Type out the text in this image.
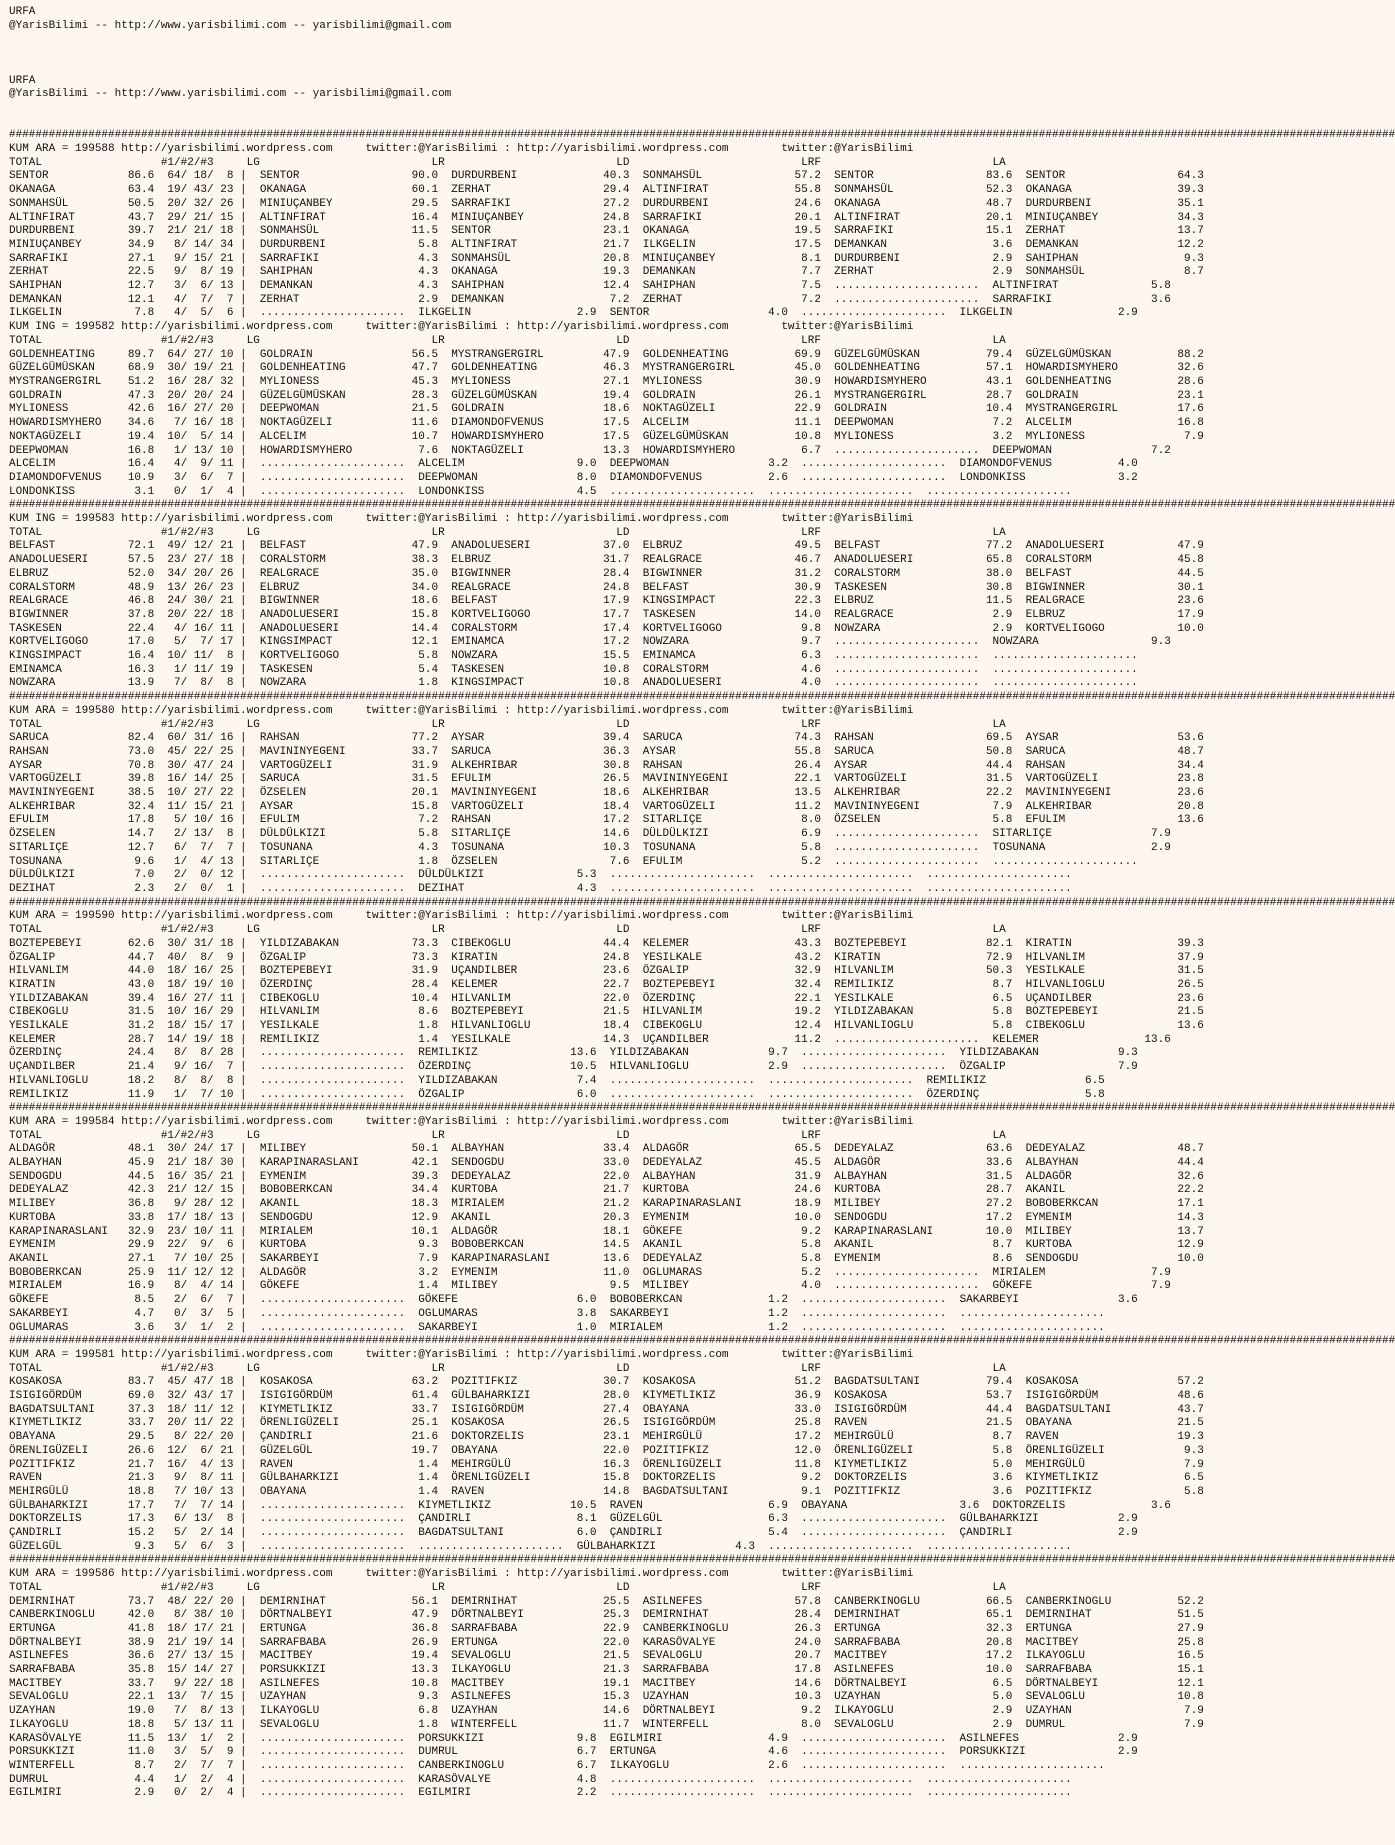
URFA
@YarisBilimi -- http://www.yarisbilimi.com -- yarisbilimi@gmail.com

URFA
@YarisBilimi -- http://www.yarisbilimi.com -- yarisbilimi@gmail.com

##################################################################################################################################################################################################################
KUM ARA = 199588 http://yarisbilimi.wordpress.com     twitter:@YarisBilimi : http://yarisbilimi.wordpress.com        twitter:@YarisBilimi
TOTAL                  #1/#2/#3     LG                          LR                          LD                          LRF                          LA
SENTOR            86.6  64/ 18/  8 |  SENTOR                 90.0  DURDURBENI             40.3  SONMAHSÜL              57.2  SENTOR                 83.6  SENTOR                 64.3
OKANAGA           63.4  19/ 43/ 23 |  OKANAGA                60.1  ZERHAT                 29.4  ALTINFIRAT             55.8  SONMAHSÜL              52.3  OKANAGA                39.3
SONMAHSÜL         50.5  20/ 32/ 26 |  MINIUÇANBEY            29.5  SARRAFIKI              27.2  DURDURBENI             24.6  OKANAGA                48.7  DURDURBENI             35.1
ALTINFIRAT        43.7  29/ 21/ 15 |  ALTINFIRAT             16.4  MINIUÇANBEY            24.8  SARRAFIKI              20.1  ALTINFIRAT             20.1  MINIUÇANBEY            34.3
DURDURBENI        39.7  21/ 21/ 18 |  SONMAHSÜL              11.5  SENTOR                 23.1  OKANAGA                19.5  SARRAFIKI              15.1  ZERHAT                 13.7
MINIUÇANBEY       34.9   8/ 14/ 34 |  DURDURBENI              5.8  ALTINFIRAT             21.7  ILKGELIN               17.5  DEMANKAN                3.6  DEMANKAN               12.2
SARRAFIKI         27.1   9/ 15/ 21 |  SARRAFIKI               4.3  SONMAHSÜL              20.8  MINIUÇANBEY             8.1  DURDURBENI              2.9  SAHIPHAN                9.3
ZERHAT            22.5   9/  8/ 19 |  SAHIPHAN                4.3  OKANAGA                19.3  DEMANKAN                7.7  ZERHAT                  2.9  SONMAHSÜL               8.7
SAHIPHAN          12.7   3/  6/ 13 |  DEMANKAN                4.3  SAHIPHAN               12.4  SAHIPHAN                7.5  ......................  ALTINFIRAT              5.8
DEMANKAN          12.1   4/  7/  7 |  ZERHAT                  2.9  DEMANKAN                7.2  ZERHAT                  7.2  ......................  SARRAFIKI               3.6
ILKGELIN           7.8   4/  5/  6 |  ......................  ILKGELIN                2.9  SENTOR                  4.0  ......................  ILKGELIN                2.9
KUM ING = 199582 http://yarisbilimi.wordpress.com     twitter:@YarisBilimi : http://yarisbilimi.wordpress.com        twitter:@YarisBilimi
TOTAL                  #1/#2/#3     LG                          LR                          LD                          LRF                          LA
GOLDENHEATING     89.7  64/ 27/ 10 |  GOLDRAIN               56.5  MYSTRANGERGIRL         47.9  GOLDENHEATING          69.9  GÜZELGÜMÜSKAN          79.4  GÜZELGÜMÜSKAN          88.2
GÜZELGÜMÜSKAN     68.9  30/ 19/ 21 |  GOLDENHEATING          47.7  GOLDENHEATING          46.3  MYSTRANGERGIRL         45.0  GOLDENHEATING          57.1  HOWARDISMYHERO         32.6
MYSTRANGERGIRL    51.2  16/ 28/ 32 |  MYLIONESS              45.3  MYLIONESS              27.1  MYLIONESS              30.9  HOWARDISMYHERO         43.1  GOLDENHEATING          28.6
GOLDRAIN          47.3  20/ 20/ 24 |  GÜZELGÜMÜSKAN          28.3  GÜZELGÜMÜSKAN          19.4  GOLDRAIN               26.1  MYSTRANGERGIRL         28.7  GOLDRAIN               23.1
MYLIONESS         42.6  16/ 27/ 20 |  DEEPWOMAN              21.5  GOLDRAIN               18.6  NOKTAGÜZELI            22.9  GOLDRAIN               10.4  MYSTRANGERGIRL         17.6
HOWARDISMYHERO    34.6   7/ 16/ 18 |  NOKTAGÜZELI            11.6  DIAMONDOFVENUS         17.5  ALCELIM                11.1  DEEPWOMAN               7.2  ALCELIM                16.8
NOKTAGÜZELI       19.4  10/  5/ 14 |  ALCELIM                10.7  HOWARDISMYHERO         17.5  GÜZELGÜMÜSKAN          10.8  MYLIONESS               3.2  MYLIONESS               7.9
DEEPWOMAN         16.8   1/ 13/ 10 |  HOWARDISMYHERO          7.6  NOKTAGÜZELI            13.3  HOWARDISMYHERO          6.7  ......................  DEEPWOMAN               7.2
ALCELIM           16.4   4/  9/ 11 |  ......................  ALCELIM                 9.0  DEEPWOMAN               3.2  ......................  DIAMONDOFVENUS          4.0
DIAMONDOFVENUS    10.9   3/  6/  7 |  ......................  DEEPWOMAN               8.0  DIAMONDOFVENUS          2.6  ......................  LONDONKISS              3.2
LONDONKISS         3.1   0/  1/  4 |  ......................  LONDONKISS              4.5  ......................  ......................  ......................
##################################################################################################################################################################################################################
KUM ING = 199583 http://yarisbilimi.wordpress.com     twitter:@YarisBilimi : http://yarisbilimi.wordpress.com        twitter:@YarisBilimi
TOTAL                  #1/#2/#3     LG                          LR                          LD                          LRF                          LA
BELFAST           72.1  49/ 12/ 21 |  BELFAST                47.9  ANADOLUESERI           37.0  ELBRUZ                 49.5  BELFAST                77.2  ANADOLUESERI           47.9
ANADOLUESERI      57.5  23/ 27/ 18 |  CORALSTORM             38.3  ELBRUZ                 31.7  REALGRACE              46.7  ANADOLUESERI           65.8  CORALSTORM             45.8
ELBRUZ            52.0  34/ 20/ 26 |  REALGRACE              35.0  BIGWINNER              28.4  BIGWINNER              31.2  CORALSTORM             38.0  BELFAST                44.5
CORALSTORM        48.9  13/ 26/ 23 |  ELBRUZ                 34.0  REALGRACE              24.8  BELFAST                30.9  TASKESEN               30.8  BIGWINNER              30.1
REALGRACE         46.8  24/ 30/ 21 |  BIGWINNER              18.6  BELFAST                17.9  KINGSIMPACT            22.3  ELBRUZ                 11.5  REALGRACE              23.6
BIGWINNER         37.8  20/ 22/ 18 |  ANADOLUESERI           15.8  KORTVELIGOGO           17.7  TASKESEN               14.0  REALGRACE               2.9  ELBRUZ                 17.9
TASKESEN          22.4   4/ 16/ 11 |  ANADOLUESERI           14.4  CORALSTORM             17.4  KORTVELIGOGO            9.8  NOWZARA                 2.9  KORTVELIGOGO           10.0
KORTVELIGOGO      17.0   5/  7/ 17 |  KINGSIMPACT            12.1  EMINAMCA               17.2  NOWZARA                 9.7  ......................  NOWZARA                 9.3
KINGSIMPACT       16.4  10/ 11/  8 |  KORTVELIGOGO            5.8  NOWZARA                15.5  EMINAMCA                6.3  ......................  ......................
EMINAMCA          16.3   1/ 11/ 19 |  TASKESEN                5.4  TASKESEN               10.8  CORALSTORM              4.6  ......................  ......................
NOWZARA           13.9   7/  8/  8 |  NOWZARA                 1.8  KINGSIMPACT            10.8  ANADOLUESERI            4.0  ......................  ......................
##################################################################################################################################################################################################################
KUM ARA = 199580 http://yarisbilimi.wordpress.com     twitter:@YarisBilimi : http://yarisbilimi.wordpress.com        twitter:@YarisBilimi
TOTAL                  #1/#2/#3     LG                          LR                          LD                          LRF                          LA
SARUCA            82.4  60/ 31/ 16 |  RAHSAN                 77.2  AYSAR                  39.4  SARUCA                 74.3  RAHSAN                 69.5  AYSAR                  53.6
RAHSAN            73.0  45/ 22/ 25 |  MAVININYEGENI          33.7  SARUCA                 36.3  AYSAR                  55.8  SARUCA                 50.8  SARUCA                 48.7
AYSAR             70.8  30/ 47/ 24 |  VARTOGÜZELI            31.9  ALKEHRIBAR             30.8  RAHSAN                 26.4  AYSAR                  44.4  RAHSAN                 34.4
VARTOGÜZELI       39.8  16/ 14/ 25 |  SARUCA                 31.5  EFULIM                 26.5  MAVININYEGENI          22.1  VARTOGÜZELI            31.5  VARTOGÜZELI            23.8
MAVININYEGENI     38.5  10/ 27/ 22 |  ÖZSELEN                20.1  MAVININYEGENI          18.6  ALKEHRIBAR             13.5  ALKEHRIBAR             22.2  MAVININYEGENI          23.6
ALKEHRIBAR        32.4  11/ 15/ 21 |  AYSAR                  15.8  VARTOGÜZELI            18.4  VARTOGÜZELI            11.2  MAVININYEGENI           7.9  ALKEHRIBAR             20.8
EFULIM            17.8   5/ 10/ 16 |  EFULIM                  7.2  RAHSAN                 17.2  SITARLIÇE               8.0  ÖZSELEN                 5.8  EFULIM                 13.6
ÖZSELEN           14.7   2/ 13/  8 |  DÜLDÜLKIZI              5.8  SITARLIÇE              14.6  DÜLDÜLKIZI              6.9  ......................  SITARLIÇE               7.9
SITARLIÇE         12.7   6/  7/  7 |  TOSUNANA                4.3  TOSUNANA               10.3  TOSUNANA                5.8  ......................  TOSUNANA                2.9
TOSUNANA           9.6   1/  4/ 13 |  SITARLIÇE               1.8  ÖZSELEN                 7.6  EFULIM                  5.2  ......................  ......................
DÜLDÜLKIZI         7.0   2/  0/ 12 |  ......................  DÜLDÜLKIZI              5.3  ......................  ......................  ......................
DEZIHAT            2.3   2/  0/  1 |  ......................  DEZIHAT                 4.3  ......................  ......................  ......................
##################################################################################################################################################################################################################
KUM ARA = 199590 http://yarisbilimi.wordpress.com     twitter:@YarisBilimi : http://yarisbilimi.wordpress.com        twitter:@YarisBilimi
TOTAL                  #1/#2/#3     LG                          LR                          LD                          LRF                          LA
BOZTEPEBEYI       62.6  30/ 31/ 18 |  YILDIZABAKAN           73.3  CIBEKOGLU              44.4  KELEMER                43.3  BOZTEPEBEYI            82.1  KIRATIN                39.3
ÖZGALIP           44.7  40/  8/  9 |  ÖZGALIP                73.3  KIRATIN                24.8  YESILKALE              43.2  KIRATIN                72.9  HILVANLIM              37.9
HILVANLIM         44.0  18/ 16/ 25 |  BOZTEPEBEYI            31.9  UÇANDILBER             23.6  ÖZGALIP                32.9  HILVANLIM              50.3  YESILKALE              31.5
KIRATIN           43.0  18/ 19/ 10 |  ÖZERDINÇ               28.4  KELEMER                22.7  BOZTEPEBEYI            32.4  REMILIKIZ               8.7  HILVANLIOGLU           26.5
YILDIZABAKAN      39.4  16/ 27/ 11 |  CIBEKOGLU              10.4  HILVANLIM              22.0  ÖZERDINÇ               22.1  YESILKALE               6.5  UÇANDILBER             23.6
CIBEKOGLU         31.5  10/ 16/ 29 |  HILVANLIM               8.6  BOZTEPEBEYI            21.5  HILVANLIM              19.2  YILDIZABAKAN            5.8  BOZTEPEBEYI            21.5
YESILKALE         31.2  18/ 15/ 17 |  YESILKALE               1.8  HILVANLIOGLU           18.4  CIBEKOGLU              12.4  HILVANLIOGLU            5.8  CIBEKOGLU              13.6
KELEMER           28.7  14/ 19/ 18 |  REMILIKIZ               1.4  YESILKALE              14.3  UÇANDILBER             11.2  ......................  KELEMER                13.6
ÖZERDINÇ          24.4   8/  8/ 28 |  ......................  REMILIKIZ              13.6  YILDIZABAKAN            9.7  ......................  YILDIZABAKAN            9.3
UÇANDILBER        21.4   9/ 16/  7 |  ......................  ÖZERDINÇ               10.5  HILVANLIOGLU            2.9  ......................  ÖZGALIP                 7.9
HILVANLIOGLU      18.2   8/  8/  8 |  ......................  YILDIZABAKAN            7.4  ......................  ......................  REMILIKIZ               6.5
REMILIKIZ         11.9   1/  7/ 10 |  ......................  ÖZGALIP                 6.0  ......................  ......................  ÖZERDINÇ                5.8
##################################################################################################################################################################################################################
KUM ARA = 199584 http://yarisbilimi.wordpress.com     twitter:@YarisBilimi : http://yarisbilimi.wordpress.com        twitter:@YarisBilimi
TOTAL                  #1/#2/#3     LG                          LR                          LD                          LRF                          LA
ALDAGÖR           48.1  30/ 24/ 17 |  MILIBEY                50.1  ALBAYHAN               33.4  ALDAGÖR                65.5  DEDEYALAZ              63.6  DEDEYALAZ              48.7
ALBAYHAN          45.9  21/ 18/ 30 |  KARAPINARASLANI        42.1  SENDOGDU               33.0  DEDEYALAZ              45.5  ALDAGÖR                33.6  ALBAYHAN               44.4
SENDOGDU          44.5  16/ 35/ 21 |  EYMENIM                39.3  DEDEYALAZ              22.0  ALBAYHAN               31.9  ALBAYHAN               31.5  ALDAGÖR                32.6
DEDEYALAZ         42.3  21/ 12/ 15 |  BOBOBERKCAN            34.4  KURTOBA                21.7  KURTOBA                24.6  KURTOBA                28.7  AKANIL                 22.2
MILIBEY           36.8   9/ 28/ 12 |  AKANIL                 18.3  MIRIALEM               21.2  KARAPINARASLANI        18.9  MILIBEY                27.2  BOBOBERKCAN            17.1
KURTOBA           33.8  17/ 18/ 13 |  SENDOGDU               12.9  AKANIL                 20.3  EYMENIM                10.0  SENDOGDU               17.2  EYMENIM                14.3
KARAPINARASLANI   32.9  23/ 10/ 11 |  MIRIALEM               10.1  ALDAGÖR                18.1  GÖKEFE                  9.2  KARAPINARASLANI        10.0  MILIBEY                13.7
EYMENIM           29.9  22/  9/  6 |  KURTOBA                 9.3  BOBOBERKCAN            14.5  AKANIL                  5.8  AKANIL                  8.7  KURTOBA                12.9
AKANIL            27.1   7/ 10/ 25 |  SAKARBEYI               7.9  KARAPINARASLANI        13.6  DEDEYALAZ               5.8  EYMENIM                 8.6  SENDOGDU               10.0
BOBOBERKCAN       25.9  11/ 12/ 12 |  ALDAGÖR                 3.2  EYMENIM                11.0  OGLUMARAS               5.2  ......................  MIRIALEM                7.9
MIRIALEM          16.9   8/  4/ 14 |  GÖKEFE                  1.4  MILIBEY                 9.5  MILIBEY                 4.0  ......................  GÖKEFE                  7.9
GÖKEFE             8.5   2/  6/  7 |  ......................  GÖKEFE                  6.0  BOBOBERKCAN             1.2  ......................  SAKARBEYI               3.6
SAKARBEYI          4.7   0/  3/  5 |  ......................  OGLUMARAS               3.8  SAKARBEYI               1.2  ......................  ......................
OGLUMARAS          3.6   3/  1/  2 |  ......................  SAKARBEYI               1.0  MIRIALEM                1.2  ......................  ......................
##################################################################################################################################################################################################################
KUM ARA = 199581 http://yarisbilimi.wordpress.com     twitter:@YarisBilimi : http://yarisbilimi.wordpress.com        twitter:@YarisBilimi
TOTAL                  #1/#2/#3     LG                          LR                          LD                          LRF                          LA
KOSAKOSA          83.7  45/ 47/ 18 |  KOSAKOSA               63.2  POZITIFKIZ             30.7  KOSAKOSA               51.2  BAGDATSULTANI          79.4  KOSAKOSA               57.2
ISIGIGÖRDÜM       69.0  32/ 43/ 17 |  ISIGIGÖRDÜM            61.4  GÜLBAHARKIZI           28.0  KIYMETLIKIZ            36.9  KOSAKOSA               53.7  ISIGIGÖRDÜM            48.6
BAGDATSULTANI     37.3  18/ 11/ 12 |  KIYMETLIKIZ            33.7  ISIGIGÖRDÜM            27.4  OBAYANA                33.0  ISIGIGÖRDÜM            44.4  BAGDATSULTANI          43.7
KIYMETLIKIZ       33.7  20/ 11/ 22 |  ÖRENLIGÜZELI           25.1  KOSAKOSA               26.5  ISIGIGÖRDÜM            25.8  RAVEN                  21.5  OBAYANA                21.5
OBAYANA           29.5   8/ 22/ 20 |  ÇANDIRLI               21.6  DOKTORZELIS            23.1  MEHIRGÜLÜ              17.2  MEHIRGÜLÜ               8.7  RAVEN                  19.3
ÖRENLIGÜZELI      26.6  12/  6/ 21 |  GÜZELGÜL               19.7  OBAYANA                22.0  POZITIFKIZ             12.0  ÖRENLIGÜZELI            5.8  ÖRENLIGÜZELI            9.3
POZITIFKIZ        21.7  16/  4/ 13 |  RAVEN                   1.4  MEHIRGÜLÜ              16.3  ÖRENLIGÜZELI           11.8  KIYMETLIKIZ             5.0  MEHIRGÜLÜ               7.9
RAVEN             21.3   9/  8/ 11 |  GÜLBAHARKIZI            1.4  ÖRENLIGÜZELI           15.8  DOKTORZELIS             9.2  DOKTORZELIS             3.6  KIYMETLIKIZ             6.5
MEHIRGÜLÜ         18.8   7/ 10/ 13 |  OBAYANA                 1.4  RAVEN                  14.8  BAGDATSULTANI           9.1  POZITIFKIZ              3.6  POZITIFKIZ              5.8
GÜLBAHARKIZI      17.7   7/  7/ 14 |  ......................  KIYMETLIKIZ            10.5  RAVEN                   6.9  OBAYANA                 3.6  DOKTORZELIS             3.6
DOKTORZELIS       17.3   6/ 13/  8 |  ......................  ÇANDIRLI                8.1  GÜZELGÜL                6.3  ......................  GÜLBAHARKIZI            2.9
ÇANDIRLI          15.2   5/  2/ 14 |  ......................  BAGDATSULTANI           6.0  ÇANDIRLI                5.4  ......................  ÇANDIRLI                2.9
GÜZELGÜL           9.3   5/  6/  3 |  ......................  ......................  GÜLBAHARKIZI            4.3  ......................  ......................
##################################################################################################################################################################################################################
KUM ARA = 199586 http://yarisbilimi.wordpress.com     twitter:@YarisBilimi : http://yarisbilimi.wordpress.com        twitter:@YarisBilimi
TOTAL                  #1/#2/#3     LG                          LR                          LD                          LRF                          LA
DEMIRNIHAT        73.7  48/ 22/ 20 |  DEMIRNIHAT             56.1  DEMIRNIHAT             25.5  ASILNEFES              57.8  CANBERKINOGLU          66.5  CANBERKINOGLU          52.2
CANBERKINOGLU     42.0   8/ 38/ 10 |  DÖRTNALBEYI            47.9  DÖRTNALBEYI            25.3  DEMIRNIHAT             28.4  DEMIRNIHAT             65.1  DEMIRNIHAT             51.5
ERTUNGA           41.8  18/ 17/ 21 |  ERTUNGA                36.8  SARRAFBABA             22.9  CANBERKINOGLU          26.3  ERTUNGA                32.3  ERTUNGA                27.9
DÖRTNALBEYI       38.9  21/ 19/ 14 |  SARRAFBABA             26.9  ERTUNGA                22.0  KARASÖVALYE            24.0  SARRAFBABA             20.8  MACITBEY               25.8
ASILNEFES         36.6  27/ 13/ 15 |  MACITBEY               19.4  SEVALOGLU              21.5  SEVALOGLU              20.7  MACITBEY               17.2  ILKAYOGLU              16.5
SARRAFBABA        35.8  15/ 14/ 27 |  PORSUKKIZI             13.3  ILKAYOGLU              21.3  SARRAFBABA             17.8  ASILNEFES              10.0  SARRAFBABA             15.1
MACITBEY          33.7   9/ 22/ 18 |  ASILNEFES              10.8  MACITBEY               19.1  MACITBEY               14.6  DÖRTNALBEYI             6.5  DÖRTNALBEYI            12.1
SEVALOGLU         22.1  13/  7/ 15 |  UZAYHAN                 9.3  ASILNEFES              15.3  UZAYHAN                10.3  UZAYHAN                 5.0  SEVALOGLU              10.8
UZAYHAN           19.0   7/  8/ 13 |  ILKAYOGLU               6.8  UZAYHAN                14.6  DÖRTNALBEYI             9.2  ILKAYOGLU               2.9  UZAYHAN                 7.9
ILKAYOGLU         18.8   5/ 13/ 11 |  SEVALOGLU               1.8  WINTERFELL             11.7  WINTERFELL              8.0  SEVALOGLU               2.9  DUMRUL                  7.9
KARASÖVALYE       11.5  13/  1/  2 |  ......................  PORSUKKIZI              9.8  EGILMIRI                4.9  ......................  ASILNEFES               2.9
PORSUKKIZI        11.0   3/  5/  9 |  ......................  DUMRUL                  6.7  ERTUNGA                 4.6  ......................  PORSUKKIZI              2.9
WINTERFELL         8.7   2/  7/  7 |  ......................  CANBERKINOGLU           6.7  ILKAYOGLU               2.6  ......................  ......................
DUMRUL             4.4   1/  2/  4 |  ......................  KARASÖVALYE             4.8  ......................  ......................  ......................
EGILMIRI           2.9   0/  2/  4 |  ......................  EGILMIRI                2.2  ......................  ......................  ......................
